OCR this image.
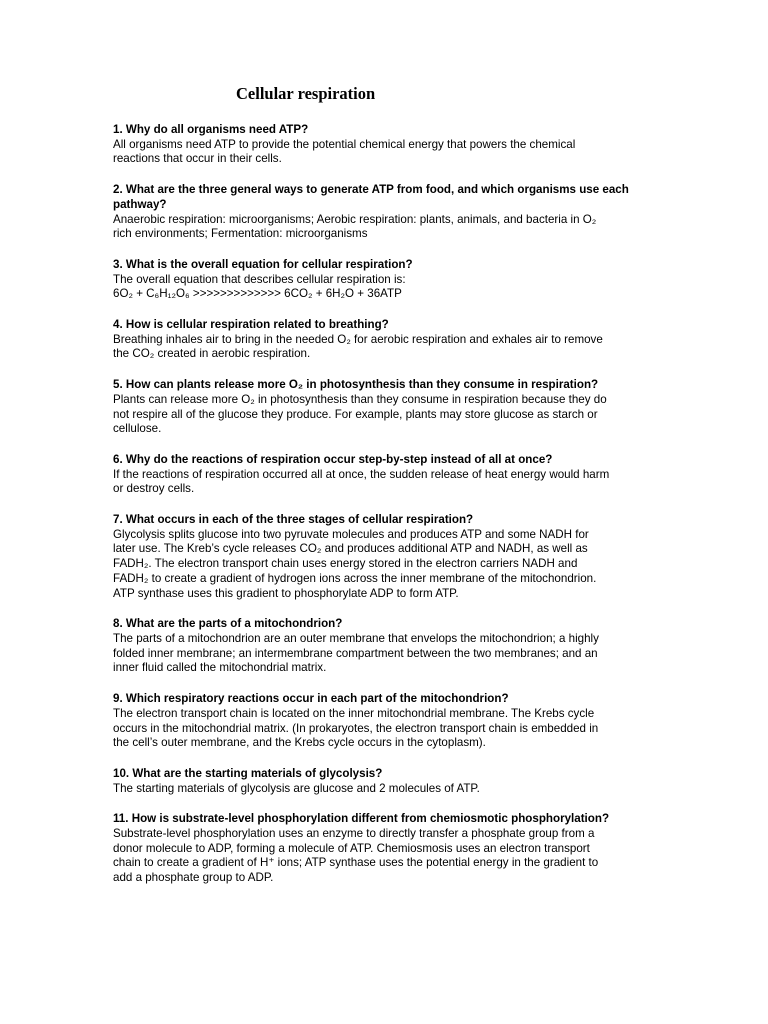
Cellular respiration

1. Why do all organisms need ATP?

All organisms need ATP to provide the potential chemical energy that powers the chemical
reactions that occur in their cells.

2. What are the three general ways to generate ATP from food, and which organisms use each pathway?

Anaerobic respiration: microorganisms; Aerobic respiration: plants, animals, and bacteria in O₂
rich environments; Fermentation: microorganisms

3. What is the overall equation for cellular respiration?

The overall equation that describes cellular respiration is:
6O₂ + C₆H₁₂O₆ >>>>>>>>>>>>> 6CO₂ + 6H₂O + 36ATP

4. How is cellular respiration related to breathing?

Breathing inhales air to bring in the needed O₂ for aerobic respiration and exhales air to remove
the CO₂ created in aerobic respiration.

5. How can plants release more O₂ in photosynthesis than they consume in respiration?

Plants can release more O₂ in photosynthesis than they consume in respiration because they do
not respire all of the glucose they produce. For example, plants may store glucose as starch or
cellulose.

6. Why do the reactions of respiration occur step-by-step instead of all at once?

If the reactions of respiration occurred all at once, the sudden release of heat energy would harm
or destroy cells.

7. What occurs in each of the three stages of cellular respiration?

Glycolysis splits glucose into two pyruvate molecules and produces ATP and some NADH for
later use. The Kreb’s cycle releases CO₂ and produces additional ATP and NADH, as well as
FADH₂. The electron transport chain uses energy stored in the electron carriers NADH and
FADH₂ to create a gradient of hydrogen ions across the inner membrane of the mitochondrion.
ATP synthase uses this gradient to phosphorylate ADP to form ATP.

8. What are the parts of a mitochondrion?

The parts of a mitochondrion are an outer membrane that envelops the mitochondrion; a highly
folded inner membrane; an intermembrane compartment between the two membranes; and an
inner fluid called the mitochondrial matrix.

9. Which respiratory reactions occur in each part of the mitochondrion?

The electron transport chain is located on the inner mitochondrial membrane. The Krebs cycle
occurs in the mitochondrial matrix. (In prokaryotes, the electron transport chain is embedded in
the cell’s outer membrane, and the Krebs cycle occurs in the cytoplasm).

10. What are the starting materials of glycolysis?

The starting materials of glycolysis are glucose and 2 molecules of ATP.

11. How is substrate-level phosphorylation different from chemiosmotic phosphorylation?

Substrate-level phosphorylation uses an enzyme to directly transfer a phosphate group from a
donor molecule to ADP, forming a molecule of ATP. Chemiosmosis uses an electron transport
chain to create a gradient of H⁺ ions; ATP synthase uses the potential energy in the gradient to
add a phosphate group to ADP.
